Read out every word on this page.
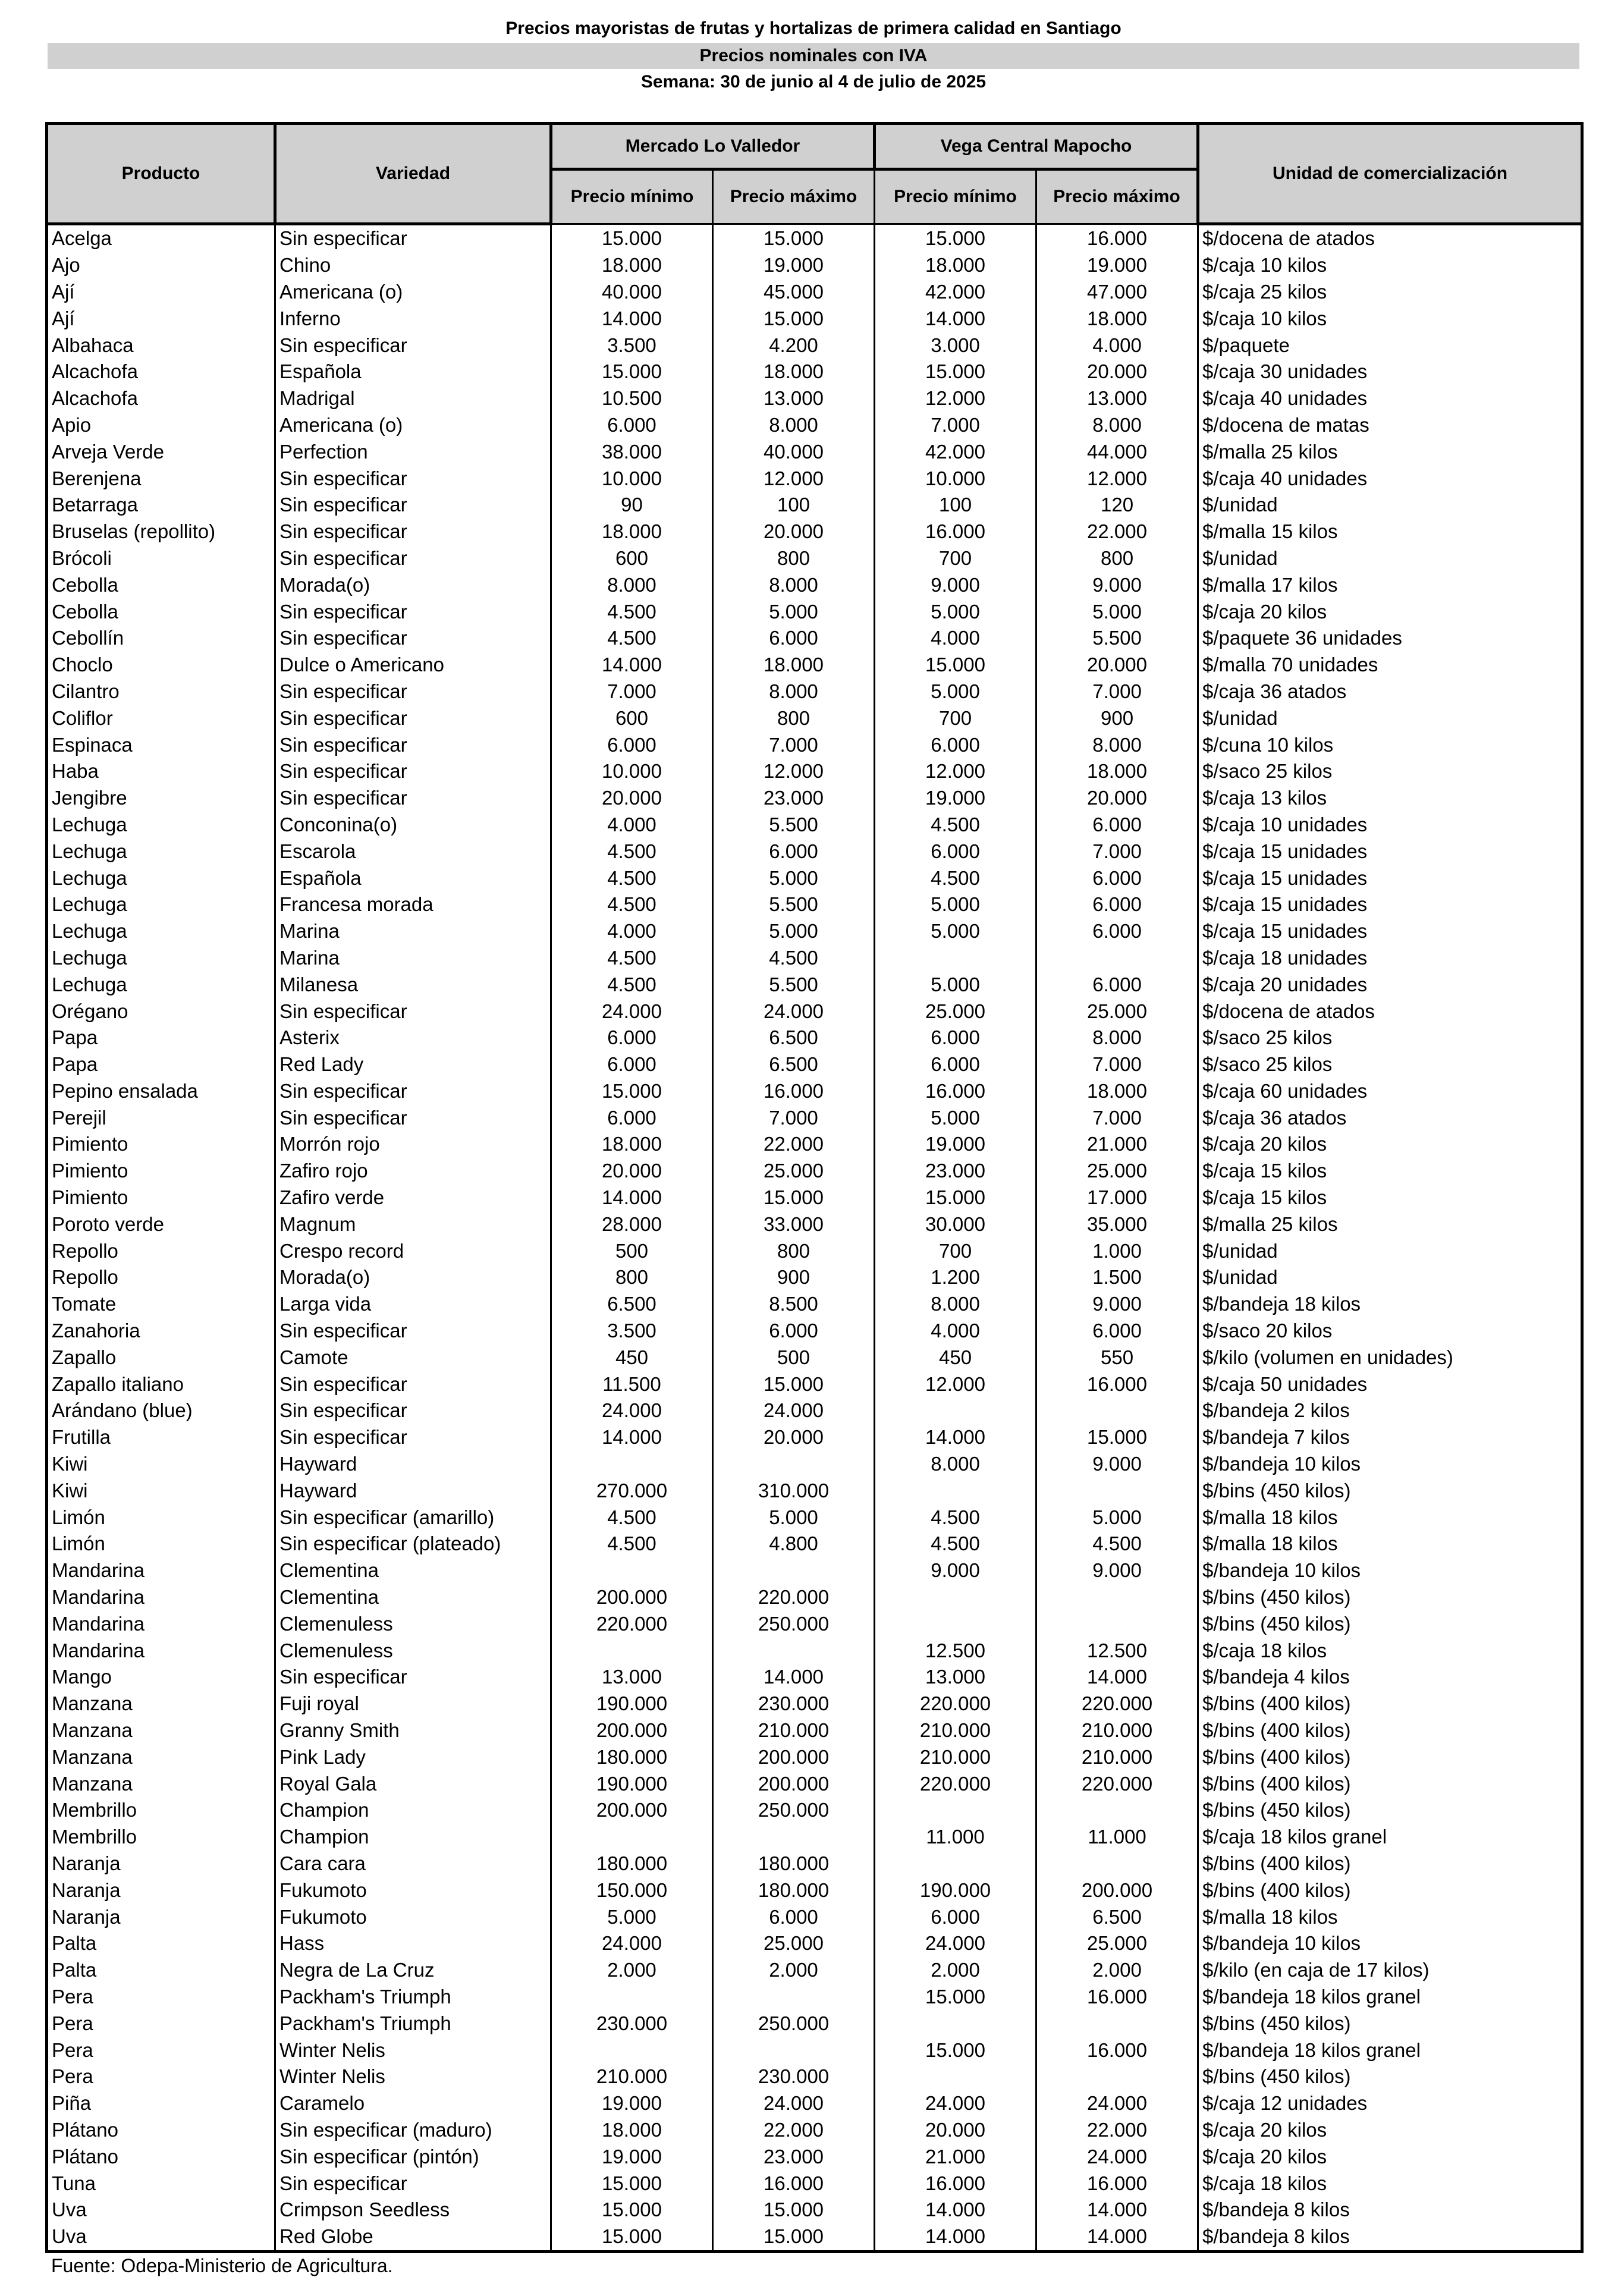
Precios mayoristas de frutas y hortalizas de primera calidad en Santiago
Precios nominales con IVA
Semana: 30 de junio al 4 de julio de 2025
Producto	Variedad	Mercado Lo Valledor		Vega Central Mapocho		Unidad de comercialización
		Precio mínimo	Precio máximo	Precio mínimo	Precio máximo	
Acelga	Sin especificar	15.000	15.000	15.000	16.000	$/docena de atados
Ajo	Chino	18.000	19.000	18.000	19.000	$/caja 10 kilos
Ají	Americana (o)	40.000	45.000	42.000	47.000	$/caja 25 kilos
Ají	Inferno	14.000	15.000	14.000	18.000	$/caja 10 kilos
Albahaca	Sin especificar	3.500	4.200	3.000	4.000	$/paquete
Alcachofa	Española	15.000	18.000	15.000	20.000	$/caja 30 unidades
Alcachofa	Madrigal	10.500	13.000	12.000	13.000	$/caja 40 unidades
Apio	Americana (o)	6.000	8.000	7.000	8.000	$/docena de matas
Arveja Verde	Perfection	38.000	40.000	42.000	44.000	$/malla 25 kilos
Berenjena	Sin especificar	10.000	12.000	10.000	12.000	$/caja 40 unidades
Betarraga	Sin especificar	90	100	100	120	$/unidad
Bruselas (repollito)	Sin especificar	18.000	20.000	16.000	22.000	$/malla 15 kilos
Brócoli	Sin especificar	600	800	700	800	$/unidad
Cebolla	Morada(o)	8.000	8.000	9.000	9.000	$/malla 17 kilos
Cebolla	Sin especificar	4.500	5.000	5.000	5.000	$/caja 20 kilos
Cebollín	Sin especificar	4.500	6.000	4.000	5.500	$/paquete 36 unidades
Choclo	Dulce o Americano	14.000	18.000	15.000	20.000	$/malla 70 unidades
Cilantro	Sin especificar	7.000	8.000	5.000	7.000	$/caja 36 atados
Coliflor	Sin especificar	600	800	700	900	$/unidad
Espinaca	Sin especificar	6.000	7.000	6.000	8.000	$/cuna 10 kilos
Haba	Sin especificar	10.000	12.000	12.000	18.000	$/saco 25 kilos
Jengibre	Sin especificar	20.000	23.000	19.000	20.000	$/caja 13 kilos
Lechuga	Conconina(o)	4.000	5.500	4.500	6.000	$/caja 10 unidades
Lechuga	Escarola	4.500	6.000	6.000	7.000	$/caja 15 unidades
Lechuga	Española	4.500	5.000	4.500	6.000	$/caja 15 unidades
Lechuga	Francesa morada	4.500	5.500	5.000	6.000	$/caja 15 unidades
Lechuga	Marina	4.000	5.000	5.000	6.000	$/caja 15 unidades
Lechuga	Marina	4.500	4.500			$/caja 18 unidades
Lechuga	Milanesa	4.500	5.500	5.000	6.000	$/caja 20 unidades
Orégano	Sin especificar	24.000	24.000	25.000	25.000	$/docena de atados
Papa	Asterix	6.000	6.500	6.000	8.000	$/saco 25 kilos
Papa	Red Lady	6.000	6.500	6.000	7.000	$/saco 25 kilos
Pepino ensalada	Sin especificar	15.000	16.000	16.000	18.000	$/caja 60 unidades
Perejil	Sin especificar	6.000	7.000	5.000	7.000	$/caja 36 atados
Pimiento	Morrón rojo	18.000	22.000	19.000	21.000	$/caja 20 kilos
Pimiento	Zafiro rojo	20.000	25.000	23.000	25.000	$/caja 15 kilos
Pimiento	Zafiro verde	14.000	15.000	15.000	17.000	$/caja 15 kilos
Poroto verde	Magnum	28.000	33.000	30.000	35.000	$/malla 25 kilos
Repollo	Crespo record	500	800	700	1.000	$/unidad
Repollo	Morada(o)	800	900	1.200	1.500	$/unidad
Tomate	Larga vida	6.500	8.500	8.000	9.000	$/bandeja 18 kilos
Zanahoria	Sin especificar	3.500	6.000	4.000	6.000	$/saco 20 kilos
Zapallo	Camote	450	500	450	550	$/kilo (volumen en unidades)
Zapallo italiano	Sin especificar	11.500	15.000	12.000	16.000	$/caja 50 unidades
Arándano (blue)	Sin especificar	24.000	24.000			$/bandeja 2 kilos
Frutilla	Sin especificar	14.000	20.000	14.000	15.000	$/bandeja 7 kilos
Kiwi	Hayward			8.000	9.000	$/bandeja 10 kilos
Kiwi	Hayward	270.000	310.000			$/bins (450 kilos)
Limón	Sin especificar (amarillo)	4.500	5.000	4.500	5.000	$/malla 18 kilos
Limón	Sin especificar (plateado)	4.500	4.800	4.500	4.500	$/malla 18 kilos
Mandarina	Clementina			9.000	9.000	$/bandeja 10 kilos
Mandarina	Clementina	200.000	220.000			$/bins (450 kilos)
Mandarina	Clemenuless	220.000	250.000			$/bins (450 kilos)
Mandarina	Clemenuless			12.500	12.500	$/caja 18 kilos
Mango	Sin especificar	13.000	14.000	13.000	14.000	$/bandeja 4 kilos
Manzana	Fuji royal	190.000	230.000	220.000	220.000	$/bins (400 kilos)
Manzana	Granny Smith	200.000	210.000	210.000	210.000	$/bins (400 kilos)
Manzana	Pink Lady	180.000	200.000	210.000	210.000	$/bins (400 kilos)
Manzana	Royal Gala	190.000	200.000	220.000	220.000	$/bins (400 kilos)
Membrillo	Champion	200.000	250.000			$/bins (450 kilos)
Membrillo	Champion			11.000	11.000	$/caja 18 kilos granel
Naranja	Cara cara	180.000	180.000			$/bins (400 kilos)
Naranja	Fukumoto	150.000	180.000	190.000	200.000	$/bins (400 kilos)
Naranja	Fukumoto	5.000	6.000	6.000	6.500	$/malla 18 kilos
Palta	Hass	24.000	25.000	24.000	25.000	$/bandeja 10 kilos
Palta	Negra de La Cruz	2.000	2.000	2.000	2.000	$/kilo (en caja de 17 kilos)
Pera	Packham's Triumph			15.000	16.000	$/bandeja 18 kilos granel
Pera	Packham's Triumph	230.000	250.000			$/bins (450 kilos)
Pera	Winter Nelis			15.000	16.000	$/bandeja 18 kilos granel
Pera	Winter Nelis	210.000	230.000			$/bins (450 kilos)
Piña	Caramelo	19.000	24.000	24.000	24.000	$/caja 12 unidades
Plátano	Sin especificar (maduro)	18.000	22.000	20.000	22.000	$/caja 20 kilos
Plátano	Sin especificar (pintón)	19.000	23.000	21.000	24.000	$/caja 20 kilos
Tuna	Sin especificar	15.000	16.000	16.000	16.000	$/caja 18 kilos
Uva	Crimpson Seedless	15.000	15.000	14.000	14.000	$/bandeja 8 kilos
Uva	Red Globe	15.000	15.000	14.000	14.000	$/bandeja 8 kilos
Fuente: Odepa-Ministerio de Agricultura.
